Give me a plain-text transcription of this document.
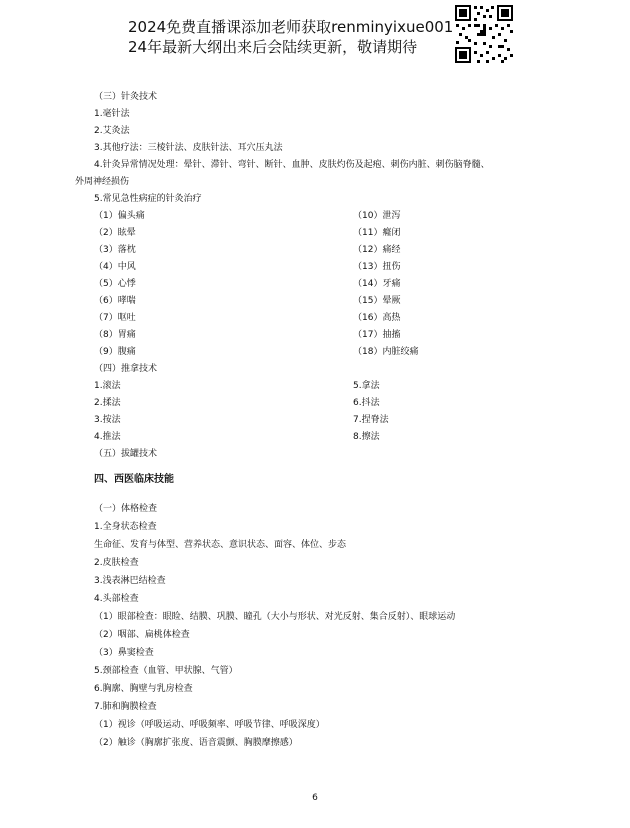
2024免费直播课添加老师获取renminyixue001
24年最新大纲出来后会陆续更新，敬请期待
（三）针灸技术
1.毫针法
2.艾灸法
3.其他疗法：三棱针法、皮肤针法、耳穴压丸法
4.针灸异常情况处理：晕针、滞针、弯针、断针、血肿、皮肤灼伤及起疱、刺伤内脏、刺伤脑脊髓、
外周神经损伤
5.常见急性病症的针灸治疗
（1）偏头痛
（2）眩晕
（3）落枕
（4）中风
（5）心悸
（6）哮喘
（7）呕吐
（8）胃痛
（9）腹痛
（10）泄泻
（11）癃闭
（12）痛经
（13）扭伤
（14）牙痛
（15）晕厥
（16）高热
（17）抽搐
（18）内脏绞痛
（四）推拿技术
1.滚法
2.揉法
3.按法
4.推法
5.拿法
6.抖法
7.捏脊法
8.擦法
（五）拔罐技术
四、西医临床技能
（一）体格检查
1.全身状态检查
生命征、发育与体型、营养状态、意识状态、面容、体位、步态
2.皮肤检查
3.浅表淋巴结检查
4.头部检查
（1）眼部检查：眼睑、结膜、巩膜、瞳孔（大小与形状、对光反射、集合反射）、眼球运动
（2）咽部、扁桃体检查
（3）鼻窦检查
5.颈部检查（血管、甲状腺、气管）
6.胸廓、胸壁与乳房检查
7.肺和胸膜检查
（1）视诊（呼吸运动、呼吸频率、呼吸节律、呼吸深度）
（2）触诊（胸廓扩张度、语音震颤、胸膜摩擦感）
6
